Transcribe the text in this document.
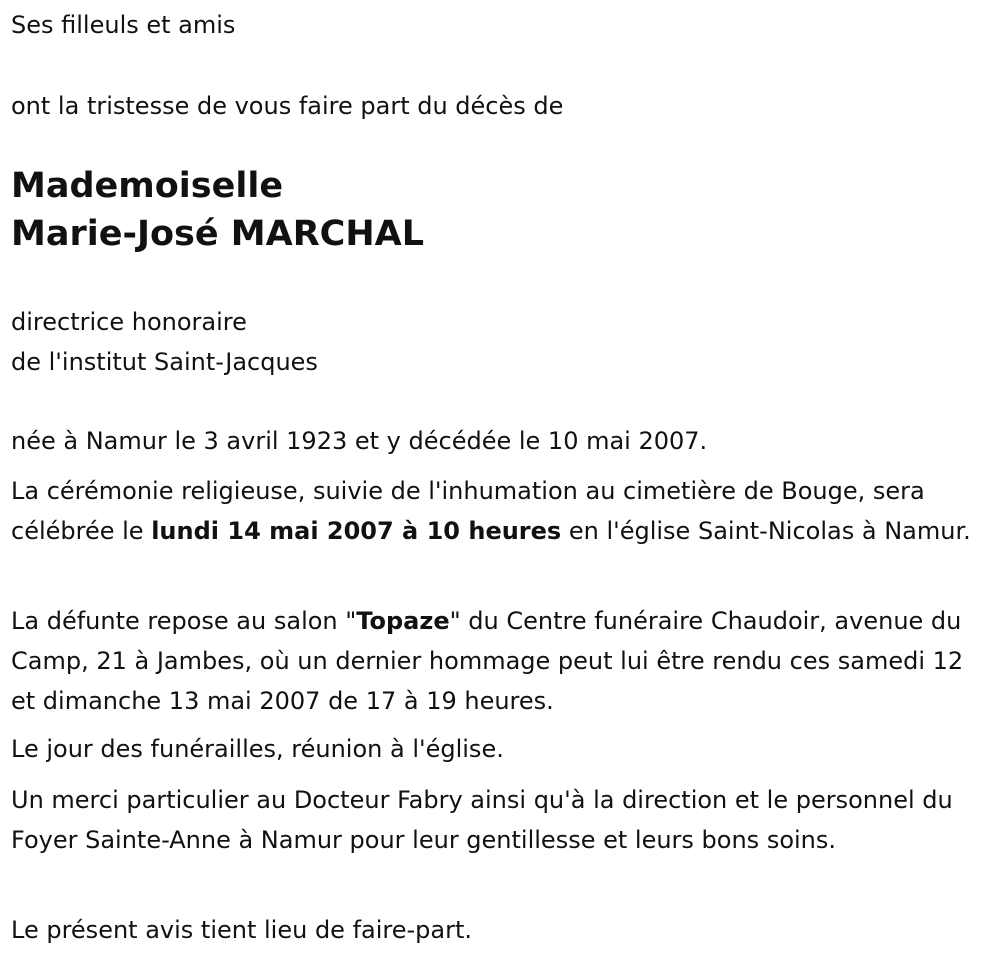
Ses filleuls et amis
ont la tristesse de vous faire part du décès de
Mademoiselle
Marie-José MARCHAL
directrice honoraire
de l'institut Saint-Jacques
née à Namur le 3 avril 1923 et y décédée le 10 mai 2007.

La cérémonie religieuse, suivie de l'inhumation au cimetière de Bouge, sera célébrée le lundi 14 mai 2007 à 10 heures en l'église Saint-Nicolas à Namur.

La défunte repose au salon "Topaze" du Centre funéraire Chaudoir, avenue du Camp, 21 à Jambes, où un dernier hommage peut lui être rendu ces samedi 12 et dimanche 13 mai 2007 de 17 à 19 heures.

Le jour des funérailles, réunion à l'église.

Un merci particulier au Docteur Fabry ainsi qu'à la direction et le personnel du Foyer Sainte-Anne à Namur pour leur gentillesse et leurs bons soins.

Le présent avis tient lieu de faire-part.
